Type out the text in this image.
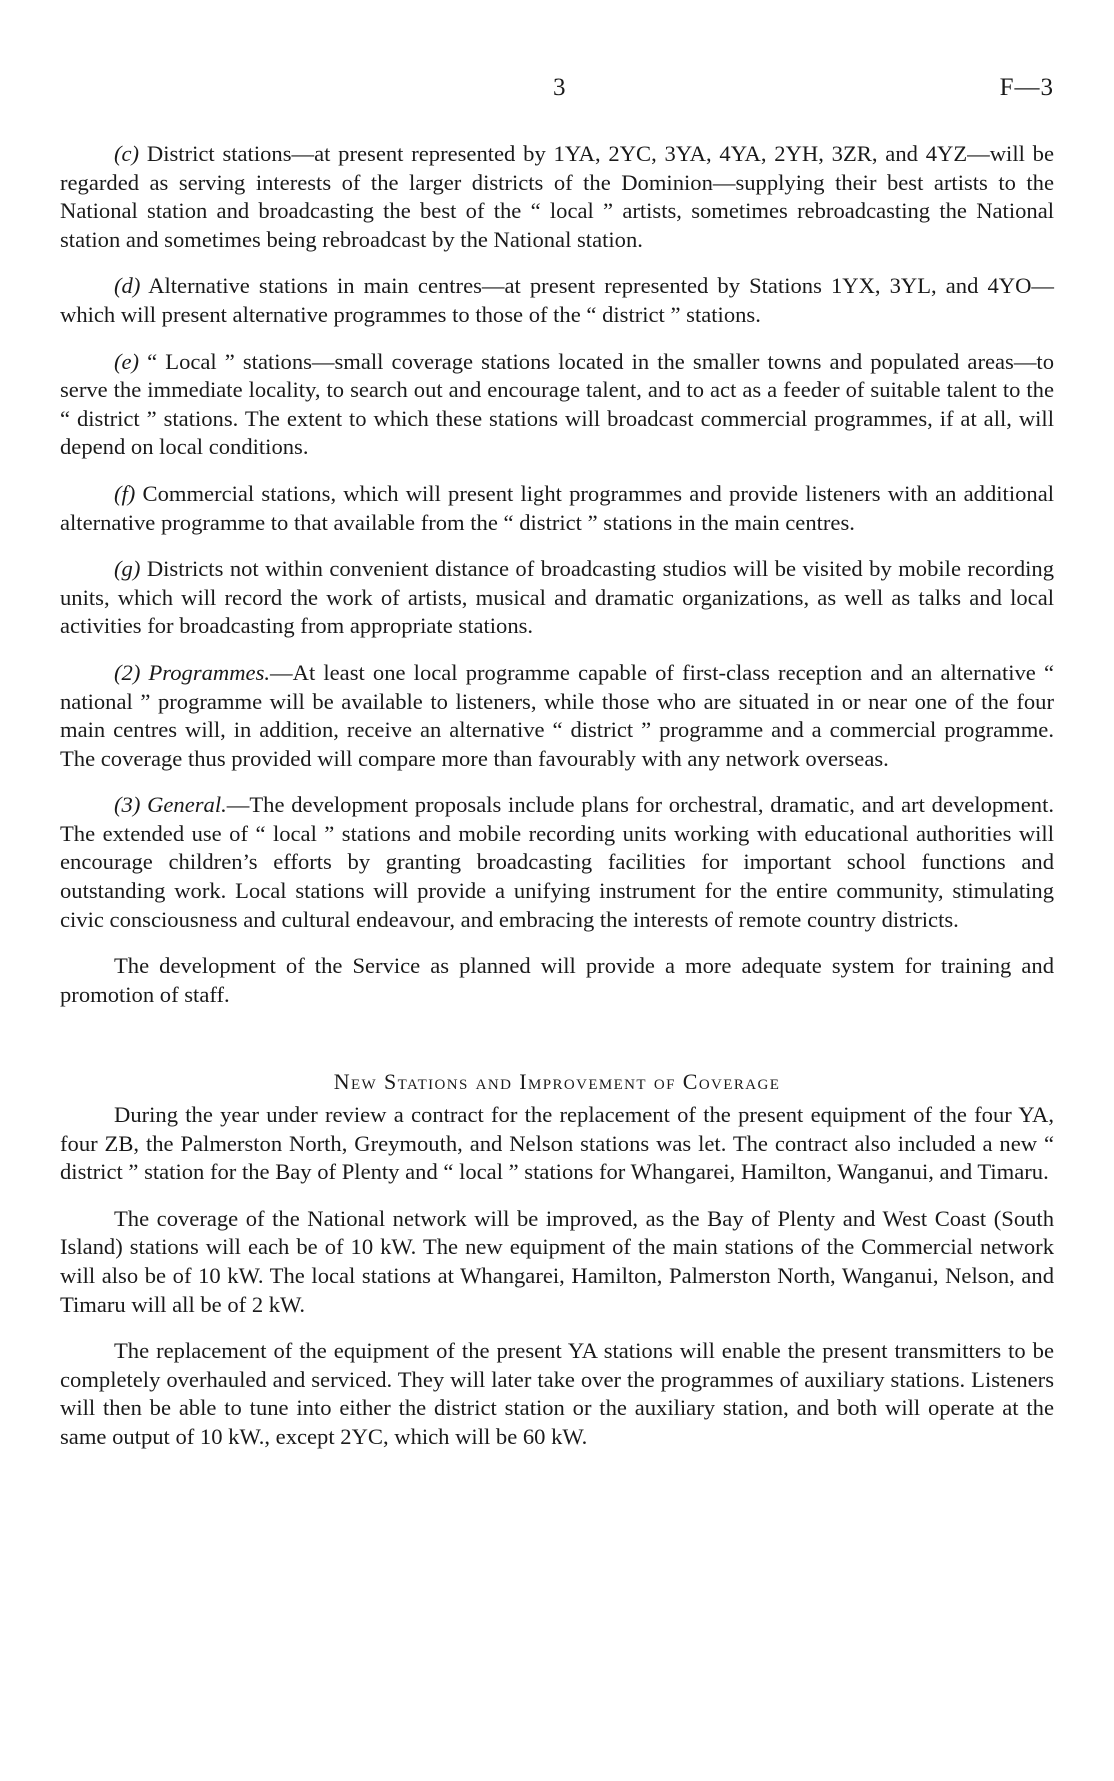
3	F—3

(c) District stations—at present represented by 1YA, 2YC, 3YA, 4YA, 2YH, 3ZR, and 4YZ—will be regarded as serving interests of the larger districts of the Dominion—supplying their best artists to the National station and broadcasting the best of the “ local ” artists, sometimes rebroadcasting the National station and sometimes being rebroadcast by the National station.

(d) Alternative stations in main centres—at present represented by Stations 1YX, 3YL, and 4YO—which will present alternative programmes to those of the “ district ” stations.

(e) “ Local ” stations—small coverage stations located in the smaller towns and populated areas—to serve the immediate locality, to search out and encourage talent, and to act as a feeder of suitable talent to the “ district ” stations. The extent to which these stations will broadcast commercial programmes, if at all, will depend on local conditions.

(f) Commercial stations, which will present light programmes and provide listeners with an additional alternative programme to that available from the “ district ” stations in the main centres.

(g) Districts not within convenient distance of broadcasting studios will be visited by mobile recording units, which will record the work of artists, musical and dramatic organizations, as well as talks and local activities for broadcasting from appropriate stations.

(2) Programmes.—At least one local programme capable of first-class reception and an alternative “ national ” programme will be available to listeners, while those who are situated in or near one of the four main centres will, in addition, receive an alternative “ district ” programme and a commercial programme. The coverage thus provided will compare more than favourably with any network overseas.

(3) General.—The development proposals include plans for orchestral, dramatic, and art development. The extended use of “ local ” stations and mobile recording units working with educational authorities will encourage children’s efforts by granting broadcasting facilities for important school functions and outstanding work. Local stations will provide a unifying instrument for the entire community, stimulating civic consciousness and cultural endeavour, and embracing the interests of remote country districts.

The development of the Service as planned will provide a more adequate system for training and promotion of staff.

New Stations and Improvement of Coverage

During the year under review a contract for the replacement of the present equipment of the four YA, four ZB, the Palmerston North, Greymouth, and Nelson stations was let. The contract also included a new “ district ” station for the Bay of Plenty and “ local ” stations for Whangarei, Hamilton, Wanganui, and Timaru.

The coverage of the National network will be improved, as the Bay of Plenty and West Coast (South Island) stations will each be of 10 kW. The new equipment of the main stations of the Commercial network will also be of 10 kW. The local stations at Whangarei, Hamilton, Palmerston North, Wanganui, Nelson, and Timaru will all be of 2 kW.

The replacement of the equipment of the present YA stations will enable the present transmitters to be completely overhauled and serviced. They will later take over the programmes of auxiliary stations. Listeners will then be able to tune into either the district station or the auxiliary station, and both will operate at the same output of 10 kW., except 2YC, which will be 60 kW.
